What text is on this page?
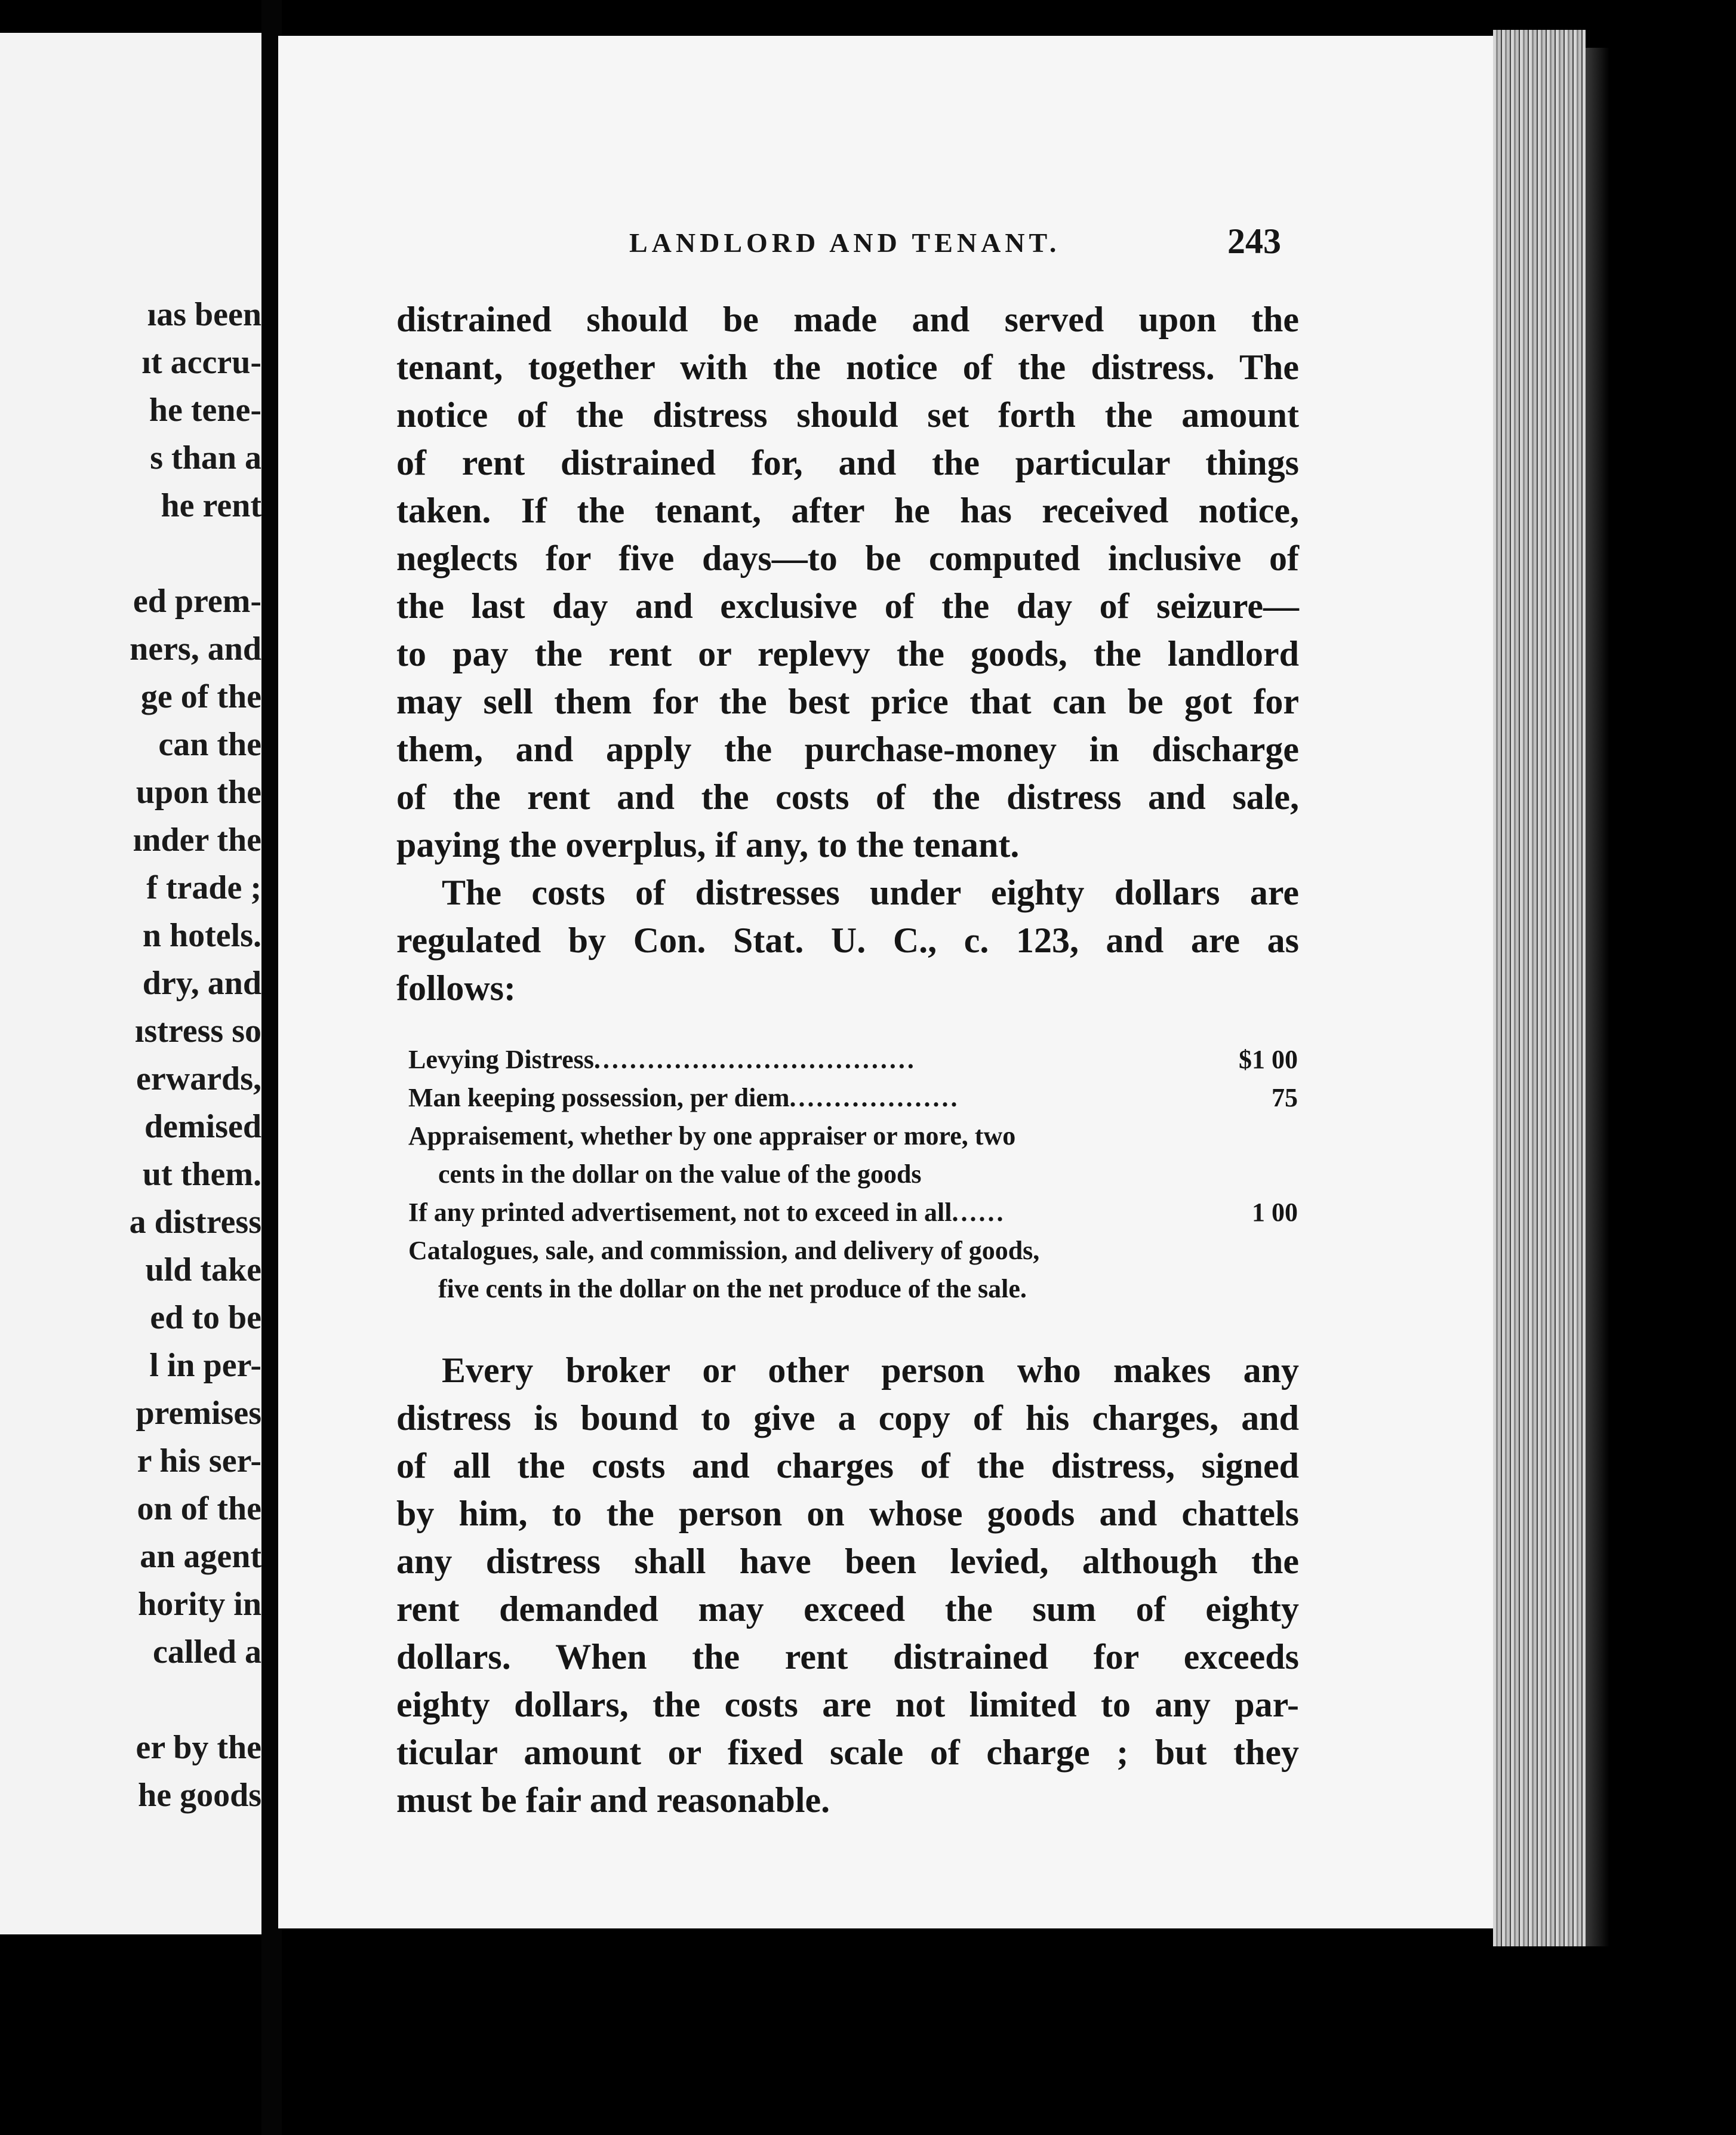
ıas been
ıt accru-
he tene-
s than a
he rent
ed prem-
ners, and
ge of the
can the
upon the
ınder the
f trade ;
n hotels.
dry, and
ıstress so
erwards,
demised
ut them.
a distress
uld take
ed to be
l in per-
premises
r his ser-
on of the
an agent
hority in
called a
er by the
he goods
LANDLORD AND TENANT.	243
distrained should be made and served upon the
tenant, together with the notice of the distress. The
notice of the distress should set forth the amount
of rent distrained for, and the particular things
taken. If the tenant, after he has received notice,
neglects for five days—to be computed inclusive of
the last day and exclusive of the day of seizure—
to pay the rent or replevy the goods, the landlord
may sell them for the best price that can be got for
them, and apply the purchase-money in discharge
of the rent and the costs of the distress and sale,
paying the overplus, if any, to the tenant.
The costs of distresses under eighty dollars are
regulated by Con. Stat. U. C., c. 123, and are as
follows:
Levying Distress....................................	$1 00
Man keeping possession, per diem...................	75
Appraisement, whether by one appraiser or more, two
cents in the dollar on the value of the goods
If any printed advertisement, not to exceed in all......	1 00
Catalogues, sale, and commission, and delivery of goods,
five cents in the dollar on the net produce of the sale.
Every broker or other person who makes any
distress is bound to give a copy of his charges, and
of all the costs and charges of the distress, signed
by him, to the person on whose goods and chattels
any distress shall have been levied, although the
rent demanded may exceed the sum of eighty
dollars. When the rent distrained for exceeds
eighty dollars, the costs are not limited to any par-
ticular amount or fixed scale of charge ; but they
must be fair and reasonable.
